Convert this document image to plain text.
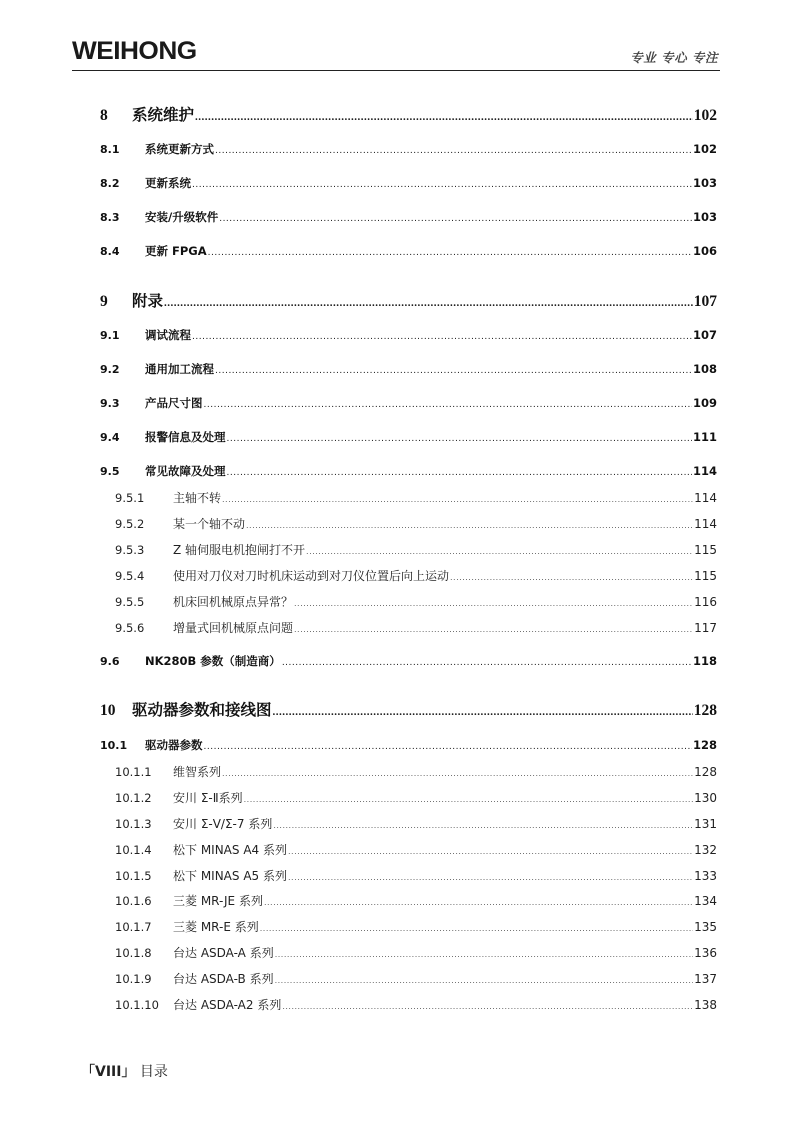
WEIHONG	专业 专心 专注
8	系统维护 .....	102
8.1	系统更新方式 .....	102
8.2	更新系统 .....	103
8.3	安装/升级软件 .....	103
8.4	更新 FPGA .....	106
9	附录 .....	107
9.1	调试流程 .....	107
9.2	通用加工流程 .....	108
9.3	产品尺寸图 .....	109
9.4	报警信息及处理 .....	111
9.5	常见故障及处理 .....	114
9.5.1	主轴不转 .....	114
9.5.2	某一个轴不动 .....	114
9.5.3	Z 轴伺服电机抱闸打不开 .....	115
9.5.4	使用对刀仪对刀时机床运动到对刀仪位置后向上运动 .....	115
9.5.5	机床回机械原点异常？ .....	116
9.5.6	增量式回机械原点问题 .....	117
9.6	NK280B 参数（制造商） .....	118
10	驱动器参数和接线图 .....	128
10.1	驱动器参数 .....	128
10.1.1	维智系列 .....	128
10.1.2	安川 Σ-Ⅱ系列 .....	130
10.1.3	安川 Σ-Ⅴ/Σ-7 系列 .....	131
10.1.4	松下 MINAS A4 系列 .....	132
10.1.5	松下 MINAS A5 系列 .....	133
10.1.6	三菱 MR-JE 系列 .....	134
10.1.7	三菱 MR-E 系列 .....	135
10.1.8	台达 ASDA-A 系列 .....	136
10.1.9	台达 ASDA-B 系列 .....	137
10.1.10	台达 ASDA-A2 系列 .....	138
「VIII」 目录
